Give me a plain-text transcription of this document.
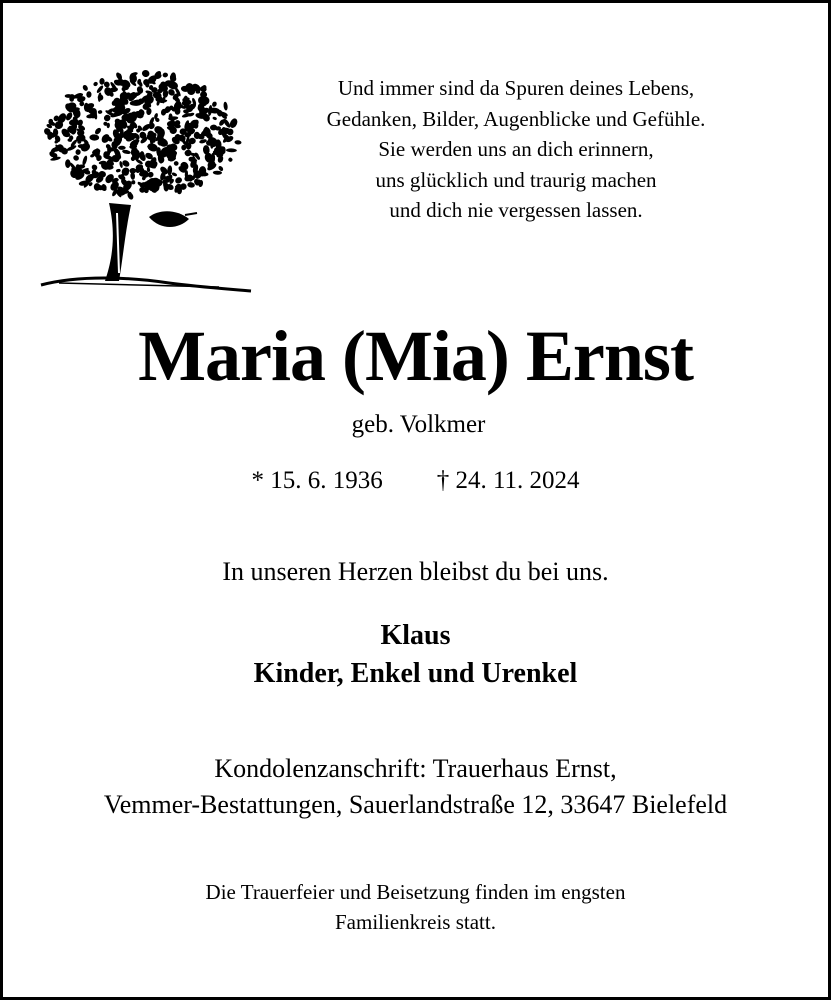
Und immer sind da Spuren deines Lebens,
Gedanken, Bilder, Augenblicke und Gefühle.
Sie werden uns an dich erinnern,
uns glücklich und traurig machen
und dich nie vergessen lassen.
Maria (Mia) Ernst
geb. Volkmer
* 15. 6. 1936 † 24. 11. 2024
In unseren Herzen bleibst du bei uns.
Klaus
Kinder, Enkel und Urenkel
Kondolenzanschrift: Trauerhaus Ernst,
Vemmer-Bestattungen, Sauerlandstraße 12, 33647 Bielefeld
Die Trauerfeier und Beisetzung finden im engsten
Familienkreis statt.
